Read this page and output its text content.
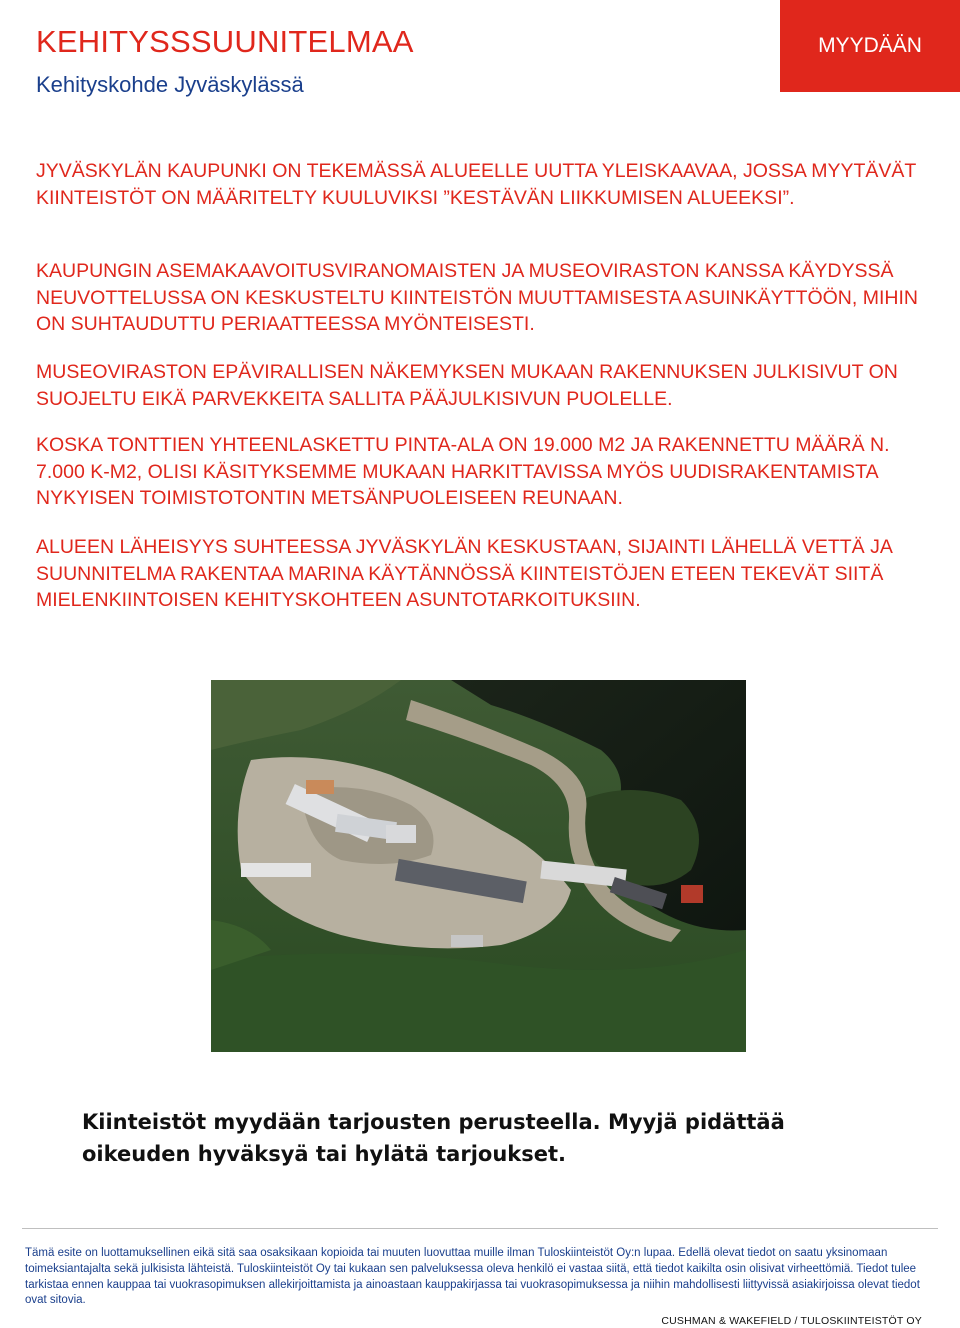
KEHITYSSSUUNITELMAA

Kehityskohde Jyväskylässä

MYYDÄÄN

JYVÄSKYLÄN KAUPUNKI ON TEKEMÄSSÄ ALUEELLE UUTTA YLEISKAAVAA, JOSSA MYYTÄVÄT KIINTEISTÖT ON MÄÄRITELTY KUULUVIKSI ”KESTÄVÄN LIIKKUMISEN ALUEEKSI”.

KAUPUNGIN ASEMAKAAVOITUSVIRANOMAISTEN JA MUSEOVIRASTON KANSSA KÄYDYSSÄ NEUVOTTELUSSA ON KESKUSTELTU KIINTEISTÖN MUUTTAMISESTA ASUINKÄYTTÖÖN, MIHIN ON SUHTAUDUTTU PERIAATTEESSA MYÖNTEISESTI.

MUSEOVIRASTON EPÄVIRALLISEN NÄKEMYKSEN MUKAAN RAKENNUKSEN JULKISIVUT ON SUOJELTU EIKÄ PARVEKKEITA SALLITA PÄÄJULKISIVUN PUOLELLE.

KOSKA TONTTIEN YHTEENLASKETTU PINTA-ALA ON 19.000 M2 JA RAKENNETTU MÄÄRÄ N. 7.000 K-M2, OLISI KÄSITYKSEMME MUKAAN HARKITTAVISSA MYÖS UUDISRAKENTAMISTA NYKYISEN TOIMISTOTONTIN METSÄNPUOLEISEEN REUNAAN.

ALUEEN LÄHEISYYS SUHTEESSA JYVÄSKYLÄN KESKUSTAAN, SIJAINTI LÄHELLÄ VETTÄ JA SUUNNITELMA RAKENTAA MARINA KÄYTÄNNÖSSÄ KIINTEISTÖJEN ETEEN TEKEVÄT SIITÄ MIELENKIINTOISEN KEHITYSKOHTEEN ASUNTOTARKOITUKSIIN.

Kiinteistöt myydään tarjousten perusteella. Myyjä pidättää oikeuden hyväksyä tai hylätä tarjoukset.

Tämä esite on luottamuksellinen eikä sitä saa osaksikaan kopioida tai muuten luovuttaa muille ilman Tuloskiinteistöt Oy:n lupaa. Edellä olevat tiedot on saatu yksinomaan toimeksiantajalta sekä julkisista lähteistä. Tuloskiinteistöt Oy tai kukaan sen palveluksessa oleva henkilö ei vastaa siitä, että tiedot kaikilta osin olisivat virheettömiä. Tiedot tulee tarkistaa ennen kauppaa tai vuokrasopimuksen allekirjoittamista ja ainoastaan kauppakirjassa tai vuokrasopimuksessa ja niihin mahdollisesti liittyvissä asiakirjoissa olevat tiedot ovat sitovia.

CUSHMAN & WAKEFIELD / TULOSKIINTEISTÖT OY
